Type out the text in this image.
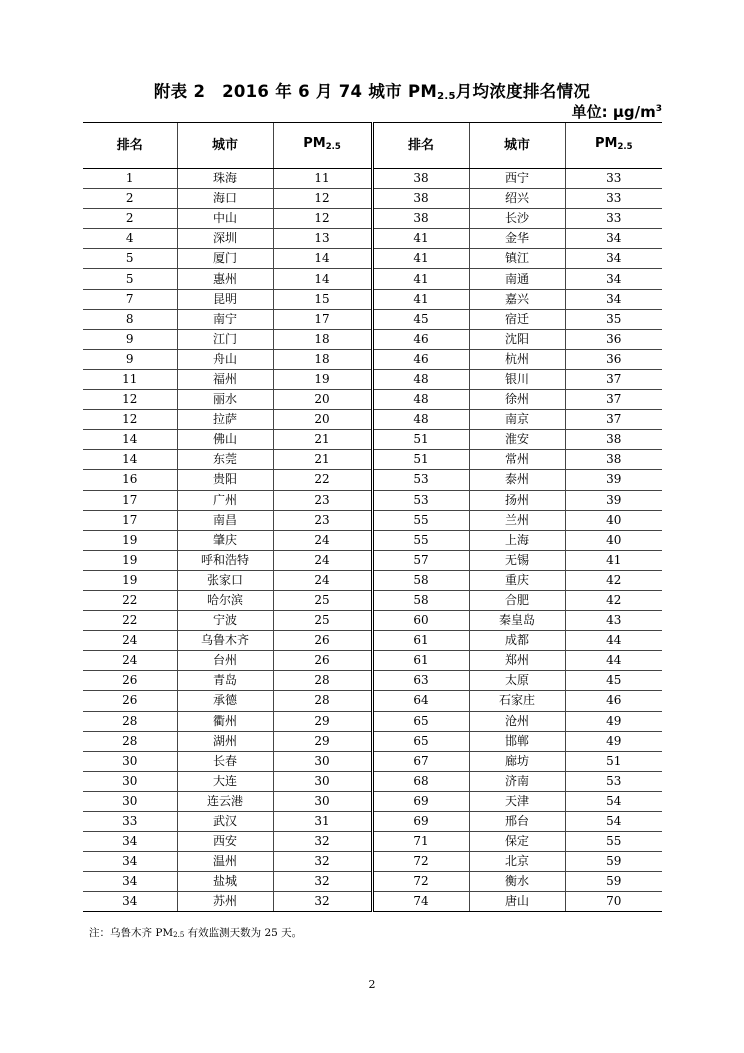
附表 2　2016 年 6 月 74 城市 $PM_{2.5}$月均浓度排名情况
单位: $\mu g/m^3$
排名	城市	$PM_{2.5}$	排名	城市	$PM_{2.5}$
1	珠海	11	38	西宁	33
2	海口	12	38	绍兴	33
2	中山	12	38	长沙	33
4	深圳	13	41	金华	34
5	厦门	14	41	镇江	34
5	惠州	14	41	南通	34
7	昆明	15	41	嘉兴	34
8	南宁	17	45	宿迁	35
9	江门	18	46	沈阳	36
9	舟山	18	46	杭州	36
11	福州	19	48	银川	37
12	丽水	20	48	徐州	37
12	拉萨	20	48	南京	37
14	佛山	21	51	淮安	38
14	东莞	21	51	常州	38
16	贵阳	22	53	泰州	39
17	广州	23	53	扬州	39
17	南昌	23	55	兰州	40
19	肇庆	24	55	上海	40
19	呼和浩特	24	57	无锡	41
19	张家口	24	58	重庆	42
22	哈尔滨	25	58	合肥	42
22	宁波	25	60	秦皇岛	43
24	乌鲁木齐	26	61	成都	44
24	台州	26	61	郑州	44
26	青岛	28	63	太原	45
26	承德	28	64	石家庄	46
28	衢州	29	65	沧州	49
28	湖州	29	65	邯郸	49
30	长春	30	67	廊坊	51
30	大连	30	68	济南	53
30	连云港	30	69	天津	54
33	武汉	31	69	邢台	54
34	西安	32	71	保定	55
34	温州	32	72	北京	59
34	盐城	32	72	衡水	59
34	苏州	32	74	唐山	70
注：乌鲁木齐 $PM_{2.5}$ 有效监测天数为 25 天。
2
